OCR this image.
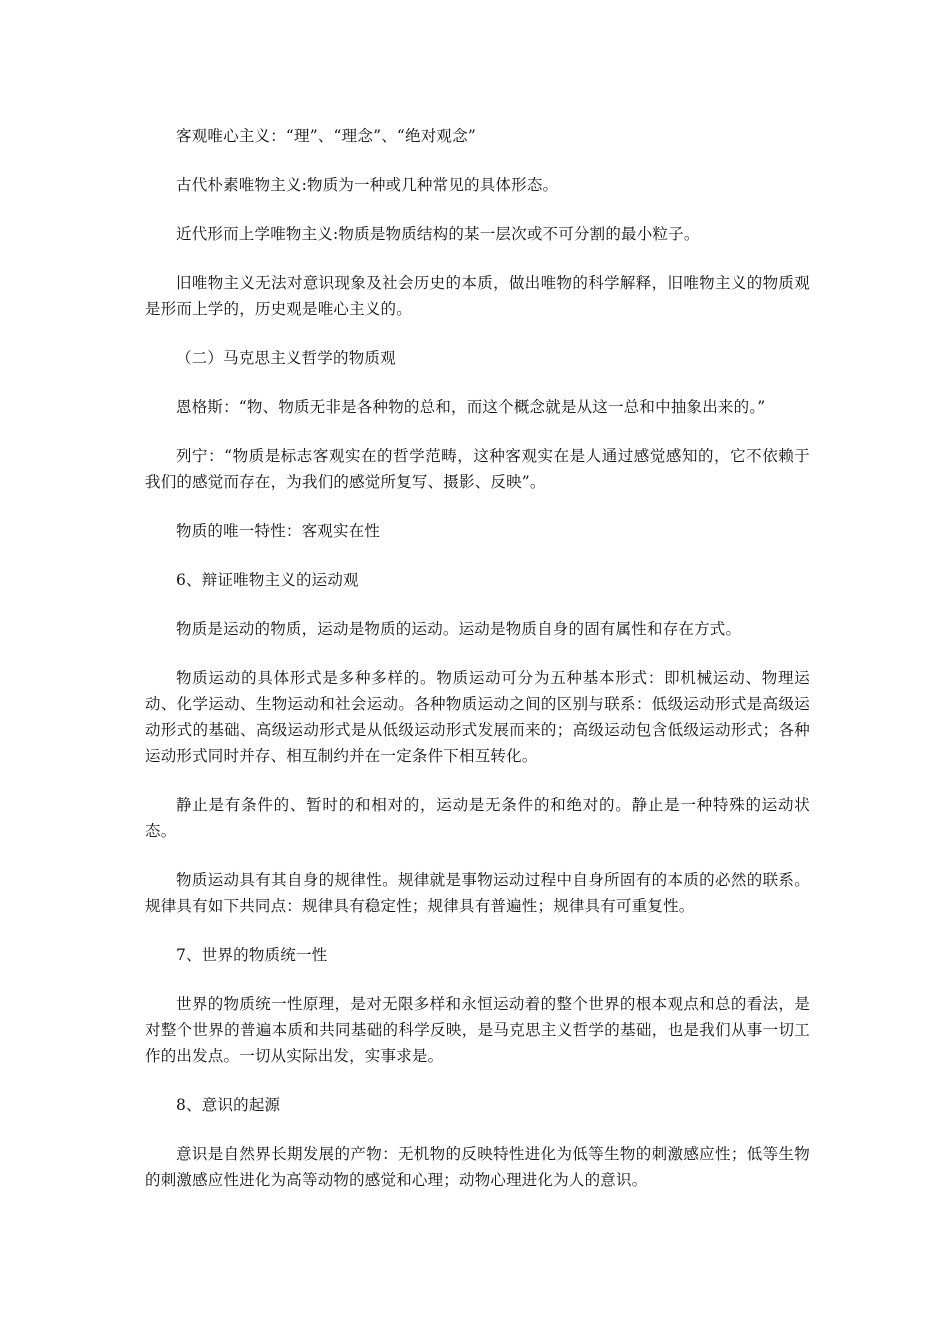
客观唯心主义：“理”、“理念”、“绝对观念”

古代朴素唯物主义:物质为一种或几种常见的具体形态。

近代形而上学唯物主义:物质是物质结构的某一层次或不可分割的最小粒子。

旧唯物主义无法对意识现象及社会历史的本质，做出唯物的科学解释，旧唯物主义的物质观是形而上学的，历史观是唯心主义的。

（二）马克思主义哲学的物质观

恩格斯：“物、物质无非是各种物的总和，而这个概念就是从这一总和中抽象出来的。”

列宁：“物质是标志客观实在的哲学范畴，这种客观实在是人通过感觉感知的，它不依赖于我们的感觉而存在，为我们的感觉所复写、摄影、反映”。

物质的唯一特性：客观实在性

6、辩证唯物主义的运动观

物质是运动的物质，运动是物质的运动。运动是物质自身的固有属性和存在方式。

物质运动的具体形式是多种多样的。物质运动可分为五种基本形式：即机械运动、物理运动、化学运动、生物运动和社会运动。各种物质运动之间的区别与联系：低级运动形式是高级运动形式的基础、高级运动形式是从低级运动形式发展而来的；高级运动包含低级运动形式；各种运动形式同时并存、相互制约并在一定条件下相互转化。

静止是有条件的、暂时的和相对的，运动是无条件的和绝对的。静止是一种特殊的运动状态。

物质运动具有其自身的规律性。规律就是事物运动过程中自身所固有的本质的必然的联系。规律具有如下共同点：规律具有稳定性；规律具有普遍性；规律具有可重复性。

7、世界的物质统一性

世界的物质统一性原理，是对无限多样和永恒运动着的整个世界的根本观点和总的看法，是对整个世界的普遍本质和共同基础的科学反映，是马克思主义哲学的基础，也是我们从事一切工作的出发点。一切从实际出发，实事求是。

8、意识的起源

意识是自然界长期发展的产物：无机物的反映特性进化为低等生物的刺激感应性；低等生物的刺激感应性进化为高等动物的感觉和心理；动物心理进化为人的意识。
